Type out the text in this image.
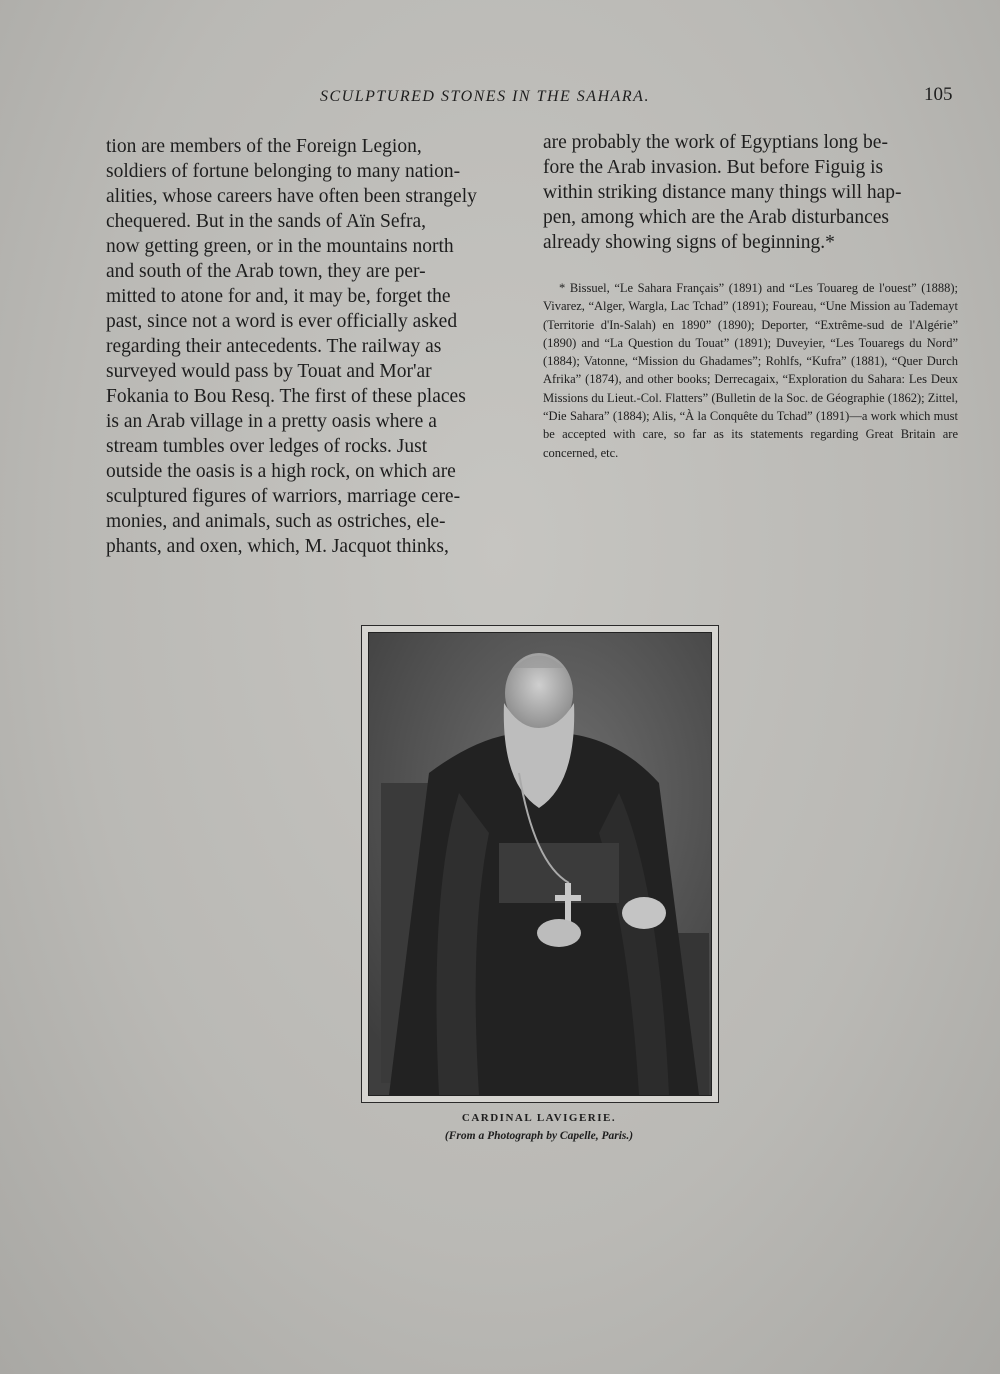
SCULPTURED STONES IN THE SAHARA.	105
tion are members of the Foreign Legion,
soldiers of fortune belonging to many nation-
alities, whose careers have often been strangely
chequered. But in the sands of Aïn Sefra,
now getting green, or in the mountains north
and south of the Arab town, they are per-
mitted to atone for and, it may be, forget the
past, since not a word is ever officially asked
regarding their antecedents. The railway as
surveyed would pass by Touat and Mor'ar
Fokania to Bou Resq. The first of these places
is an Arab village in a pretty oasis where a
stream tumbles over ledges of rocks. Just
outside the oasis is a high rock, on which are
sculptured figures of warriors, marriage cere-
monies, and animals, such as ostriches, ele-
phants, and oxen, which, M. Jacquot thinks,
are probably the work of Egyptians long be-
fore the Arab invasion. But before Figuig is
within striking distance many things will hap-
pen, among which are the Arab disturbances
already showing signs of beginning.*
* Bissuel, “Le Sahara Français” (1891) and “Les Touareg de l'ouest” (1888); Vivarez, “Alger, Wargla, Lac Tchad” (1891); Foureau, “Une Mission au Tademayt (Territorie d'In-Salah) en 1890” (1890); Deporter, “Extrême-sud de l'Algérie” (1890) and “La Question du Touat” (1891); Duveyier, “Les Touaregs du Nord” (1884); Vatonne, “Mission du Ghadames”; Rohlfs, “Kufra” (1881), “Quer Durch Afrika” (1874), and other books; Derrecagaix, “Exploration du Sahara: Les Deux Missions du Lieut.-Col. Flatters” (Bulletin de la Soc. de Géographie (1862); Zittel, “Die Sahara” (1884); Alis, “À la Conquête du Tchad” (1891)—a work which must be accepted with care, so far as its statements regarding Great Britain are concerned, etc.
CARDINAL LAVIGERIE.
(From a Photograph by Capelle, Paris.)
